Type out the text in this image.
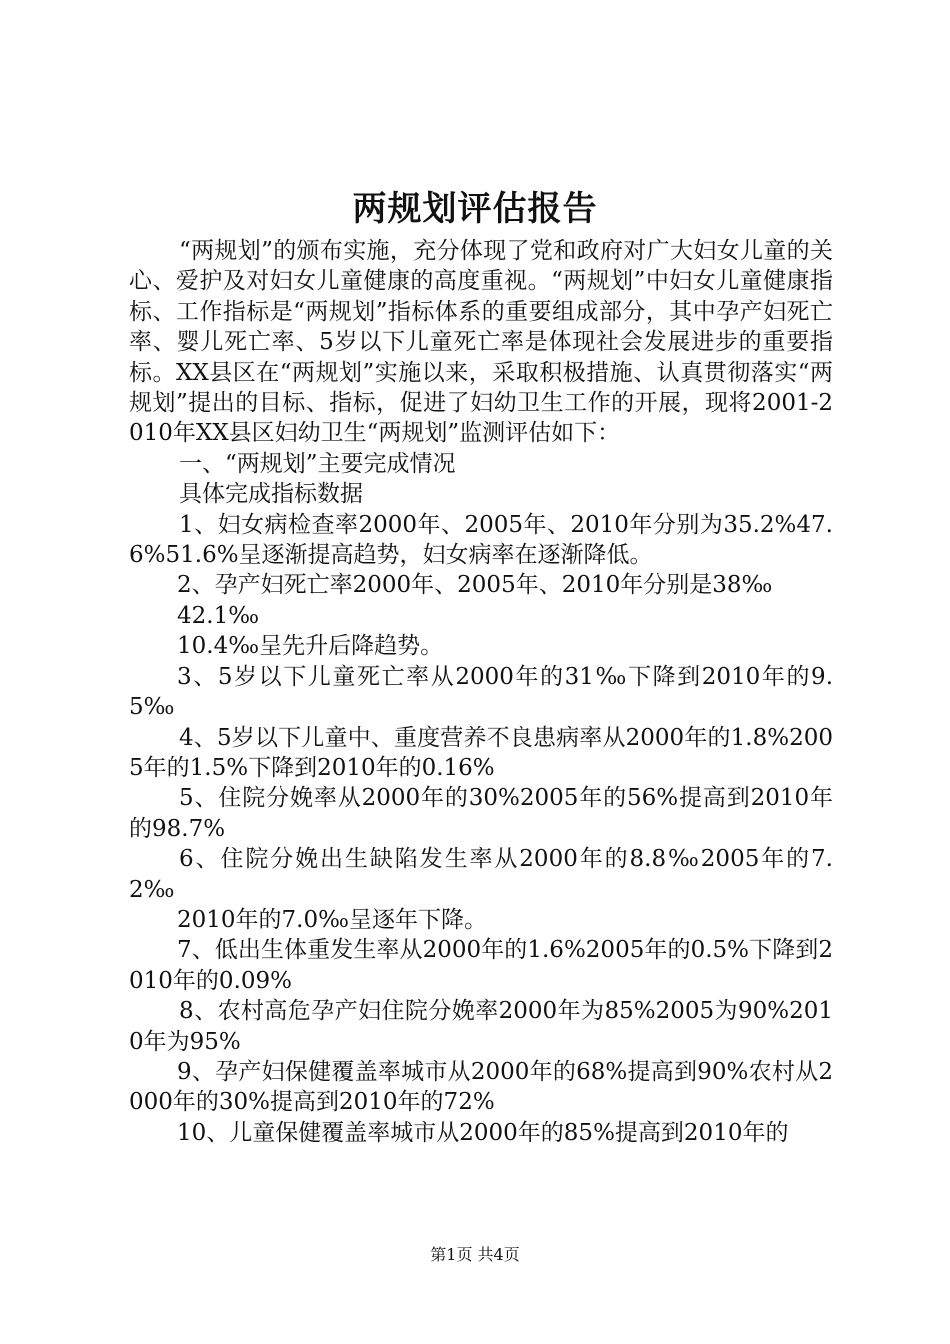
两规划评估报告

“两规划”的颁布实施，充分体现了党和政府对广大妇女儿童的关心、爱护及对妇女儿童健康的高度重视。“两规划”中妇女儿童健康指标、工作指标是“两规划”指标体系的重要组成部分，其中孕产妇死亡率、婴儿死亡率、5岁以下儿童死亡率是体现社会发展进步的重要指标。XX县区在“两规划”实施以来，采取积极措施、认真贯彻落实“两规划”提出的目标、指标，促进了妇幼卫生工作的开展，现将2001-2010年XX县区妇幼卫生“两规划”监测评估如下：

一、“两规划”主要完成情况

具体完成指标数据

1、妇女病检查率2000年、2005年、2010年分别为35.2%47.6%51.6%呈逐渐提高趋势，妇女病率在逐渐降低。

2、孕产妇死亡率2000年、2005年、2010年分别是38‰

42.1‰

10.4‰呈先升后降趋势。

3、5岁以下儿童死亡率从2000年的31‰下降到2010年的9.5‰

4、5岁以下儿童中、重度营养不良患病率从2000年的1.8%2005年的1.5%下降到2010年的0.16%

5、住院分娩率从2000年的30%2005年的56%提高到2010年的98.7%

6、住院分娩出生缺陷发生率从2000年的8.8‰2005年的7.2‰

2010年的7.0‰呈逐年下降。

7、低出生体重发生率从2000年的1.6%2005年的0.5%下降到2010年的0.09%

8、农村高危孕产妇住院分娩率2000年为85%2005为90%2010年为95%

9、孕产妇保健覆盖率城市从2000年的68%提高到90%农村从2000年的30%提高到2010年的72%

10、儿童保健覆盖率城市从2000年的85%提高到2010年的

第1页 共4页
